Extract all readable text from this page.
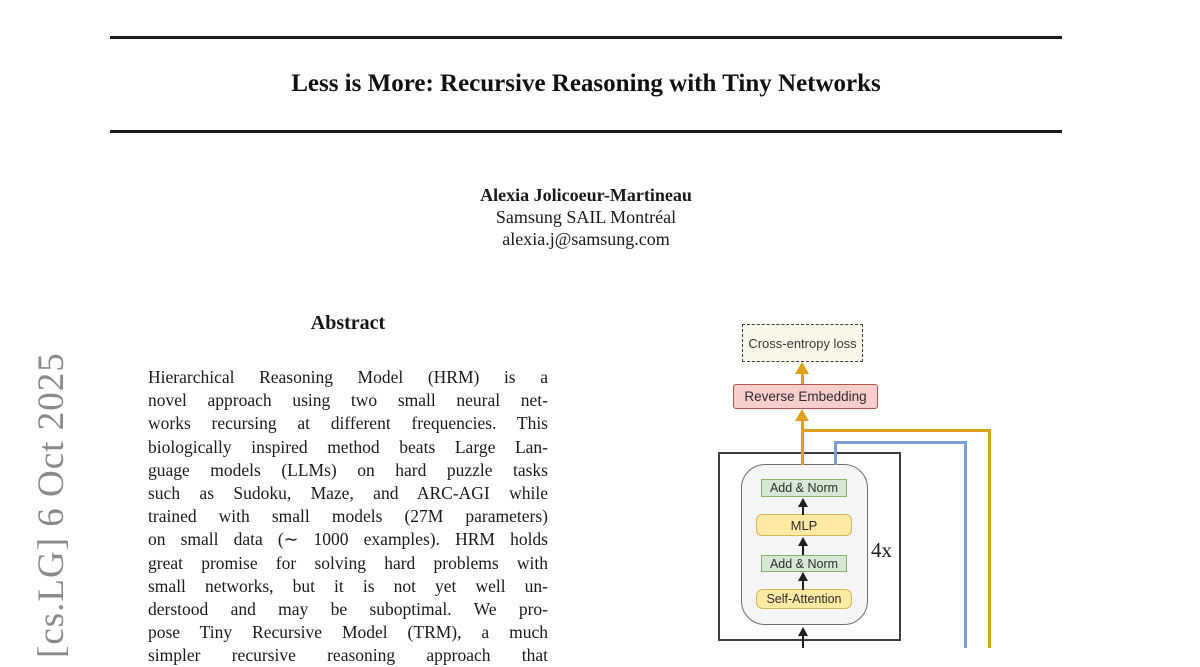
[cs.LG] 6 Oct 2025
Less is More: Recursive Reasoning with Tiny Networks
Alexia Jolicoeur-Martineau
Samsung SAIL Montréal
alexia.j@samsung.com
Abstract
Hierarchical Reasoning Model (HRM) is a
novel approach using two small neural net-
works recursing at different frequencies. This
biologically inspired method beats Large Lan-
guage models (LLMs) on hard puzzle tasks
such as Sudoku, Maze, and ARC-AGI while
trained with small models (27M parameters)
on small data (∼ 1000 examples). HRM holds
great promise for solving hard problems with
small networks, but it is not yet well un-
derstood and may be suboptimal. We pro-
pose Tiny Recursive Model (TRM), a much
simpler recursive reasoning approach that
Cross-entropy loss
Reverse Embedding
Add & Norm
MLP
Add & Norm
Self-Attention
4x
